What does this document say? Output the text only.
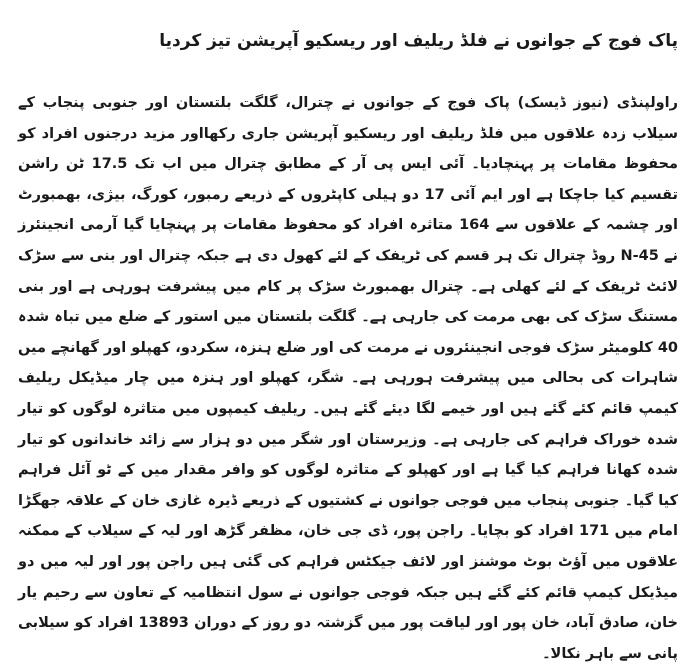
پاک فوج کے جوانوں نے فلڈ ریلیف اور ریسکیو آپریشن تیز کردیا
راولپنڈی (نیوز ڈیسک) پاک فوج کے جوانوں نے چترال، گلگت بلتستان اور جنوبی پنجاب کے سیلاب زدہ علاقوں میں فلڈ ریلیف اور ریسکیو آپریشن جاری رکھااور مزید درجنوں افراد کو محفوظ مقامات پر پہنچادیا۔ آئی ایس پی آر کے مطابق چترال میں اب تک 17.5 ٹن راشن تقسیم کیا جاچکا ہے اور ایم آئی 17 دو ہیلی کاپٹروں کے ذریعے رمبور، کورگ، بیژی، بھمبورٹ اور چشمہ کے علاقوں سے 164 متاثرہ افراد کو محفوظ مقامات پر پہنچایا گیا آرمی انجینئرز نے N-45 روڈ چترال تک ہر قسم کی ٹریفک کے لئے کھول دی ہے جبکہ چترال اور بنی سے سڑک لائٹ ٹریفک کے لئے کھلی ہے۔ چترال بھمبورٹ سڑک پر کام میں پیشرفت ہورہی ہے اور بنی مستنگ سڑک کی بھی مرمت کی جارہی ہے۔ گلگت بلتستان میں استور کے ضلع میں تباہ شدہ 40 کلومیٹر سڑک فوجی انجینئروں نے مرمت کی اور ضلع ہنزہ، سکردو، کھپلو اور گھانچے میں شاہرات کی بحالی میں پیشرفت ہورہی ہے۔ شگر، کھپلو اور ہنزہ میں چار میڈیکل ریلیف کیمپ قائم کئے گئے ہیں اور خیمے لگا دیئے گئے ہیں۔ ریلیف کیمپوں میں متاثرہ لوگوں کو تیار شدہ خوراک فراہم کی جارہی ہے۔ وزیرستان اور شگر میں دو ہزار سے زائد خاندانوں کو تیار شدہ کھانا فراہم کیا گیا ہے اور کھپلو کے متاثرہ لوگوں کو وافر مقدار میں کے ٹو آئل فراہم کیا گیا۔ جنوبی پنجاب میں فوجی جوانوں نے کشتیوں کے ذریعے ڈیرہ غازی خان کے علاقہ جھگڑا امام میں 171 افراد کو بچایا۔ راجن پور، ڈی جی خان، مظفر گڑھ اور لیہ کے سیلاب کے ممکنہ علاقوں میں آؤٹ بوٹ موشنز اور لائف جیکٹس فراہم کی گئی ہیں راجن پور اور لیہ میں دو میڈیکل کیمپ قائم کئے گئے ہیں جبکہ فوجی جوانوں نے سول انتظامیہ کے تعاون سے رحیم یار خان، صادق آباد، خان پور اور لیاقت پور میں گزشتہ دو روز کے دوران 13893 افراد کو سیلابی پانی سے باہر نکالا۔
